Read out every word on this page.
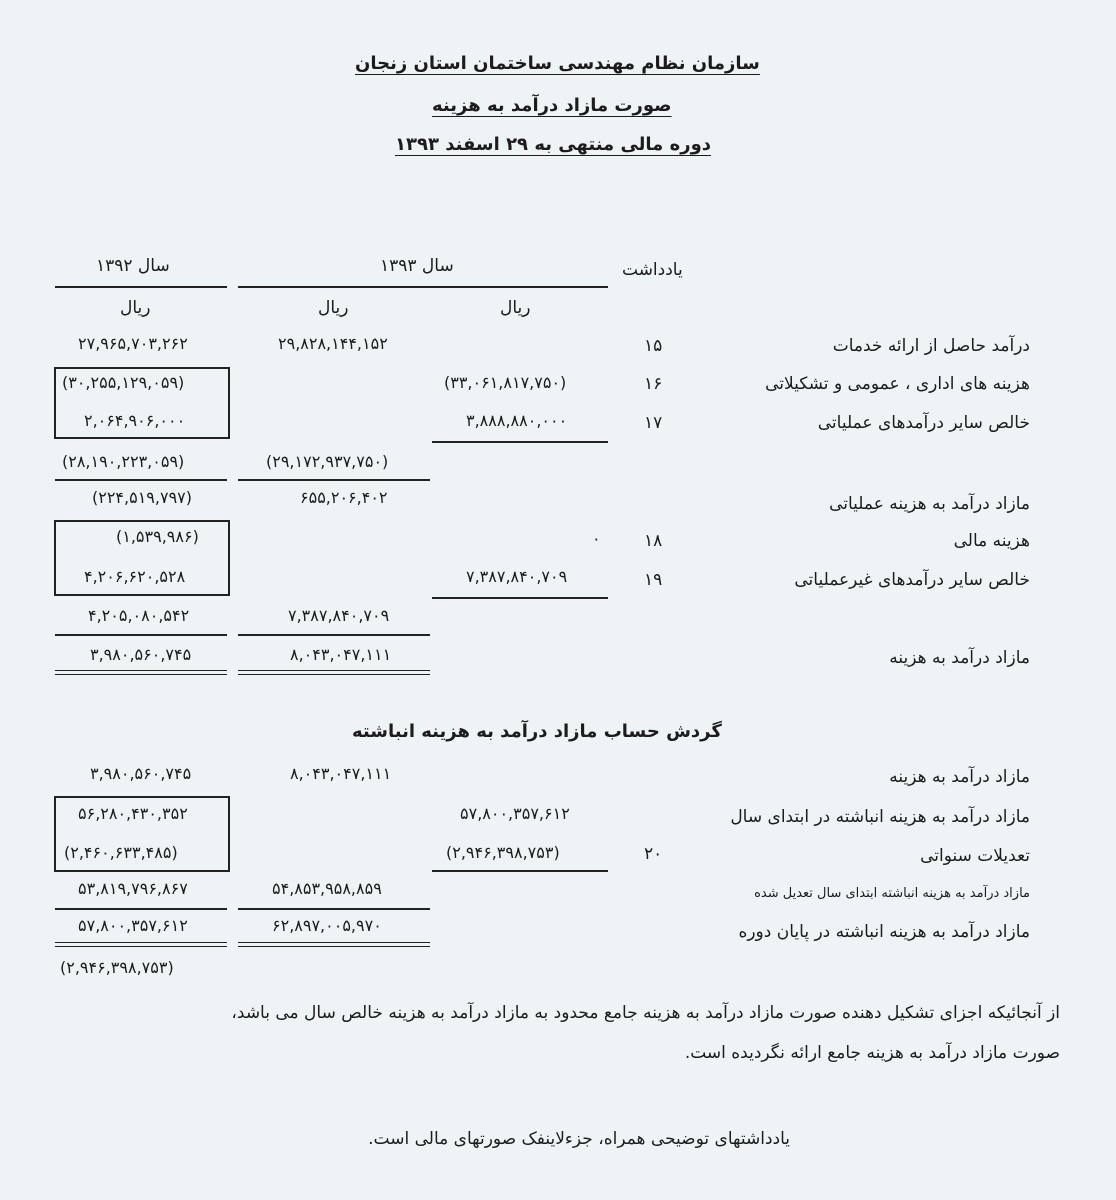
سازمان نظام مهندسی ساختمان استان زنجان
صورت مازاد درآمد به هزینه
دوره مالی منتهی به ۲۹ اسفند ۱۳۹۳
یادداشت
سال ۱۳۹۳
سال ۱۳۹۲
ریال
ریال
ریال
درآمد حاصل از ارائه خدمات
۱۵
۲۹,۸۲۸,۱۴۴,۱۵۲
۲۷,۹۶۵,۷۰۳,۲۶۲
هزینه های اداری ، عمومی و تشکیلاتی
۱۶
(۳۳,۰۶۱,۸۱۷,۷۵۰)
(۳۰,۲۵۵,۱۲۹,۰۵۹)
خالص سایر درآمدهای عملیاتی
۱۷
۳,۸۸۸,۸۸۰,۰۰۰
۲,۰۶۴,۹۰۶,۰۰۰
(۲۹,۱۷۲,۹۳۷,۷۵۰)
(۲۸,۱۹۰,۲۲۳,۰۵۹)
مازاد درآمد به هزینه عملیاتی
۶۵۵,۲۰۶,۴۰۲
(۲۲۴,۵۱۹,۷۹۷)
هزینه مالی
۱۸
۰
(۱,۵۳۹,۹۸۶)
خالص سایر درآمدهای غیرعملیاتی
۱۹
۷,۳۸۷,۸۴۰,۷۰۹
۴,۲۰۶,۶۲۰,۵۲۸
۷,۳۸۷,۸۴۰,۷۰۹
۴,۲۰۵,۰۸۰,۵۴۲
مازاد درآمد به هزینه
۸,۰۴۳,۰۴۷,۱۱۱
۳,۹۸۰,۵۶۰,۷۴۵
گردش حساب مازاد درآمد به هزینه انباشته
مازاد درآمد به هزینه
۸,۰۴۳,۰۴۷,۱۱۱
۳,۹۸۰,۵۶۰,۷۴۵
مازاد درآمد به هزینه انباشته در ابتدای سال
۵۷,۸۰۰,۳۵۷,۶۱۲
۵۶,۲۸۰,۴۳۰,۳۵۲
تعدیلات سنواتی
۲۰
(۲,۹۴۶,۳۹۸,۷۵۳)
(۲,۴۶۰,۶۳۳,۴۸۵)
مازاد درآمد به هزینه انباشته ابتدای سال تعدیل شده
۵۴,۸۵۳,۹۵۸,۸۵۹
۵۳,۸۱۹,۷۹۶,۸۶۷
مازاد درآمد به هزینه انباشته در پایان دوره
۶۲,۸۹۷,۰۰۵,۹۷۰
۵۷,۸۰۰,۳۵۷,۶۱۲
(۲,۹۴۶,۳۹۸,۷۵۳)
از آنجائیکه اجزای تشکیل دهنده صورت مازاد درآمد به هزینه جامع محدود به مازاد درآمد به هزینه خالص سال می باشد،
صورت مازاد درآمد به هزینه جامع ارائه نگردیده است.
یادداشتهای توضیحی همراه، جزءلاینفک صورتهای مالی است.
